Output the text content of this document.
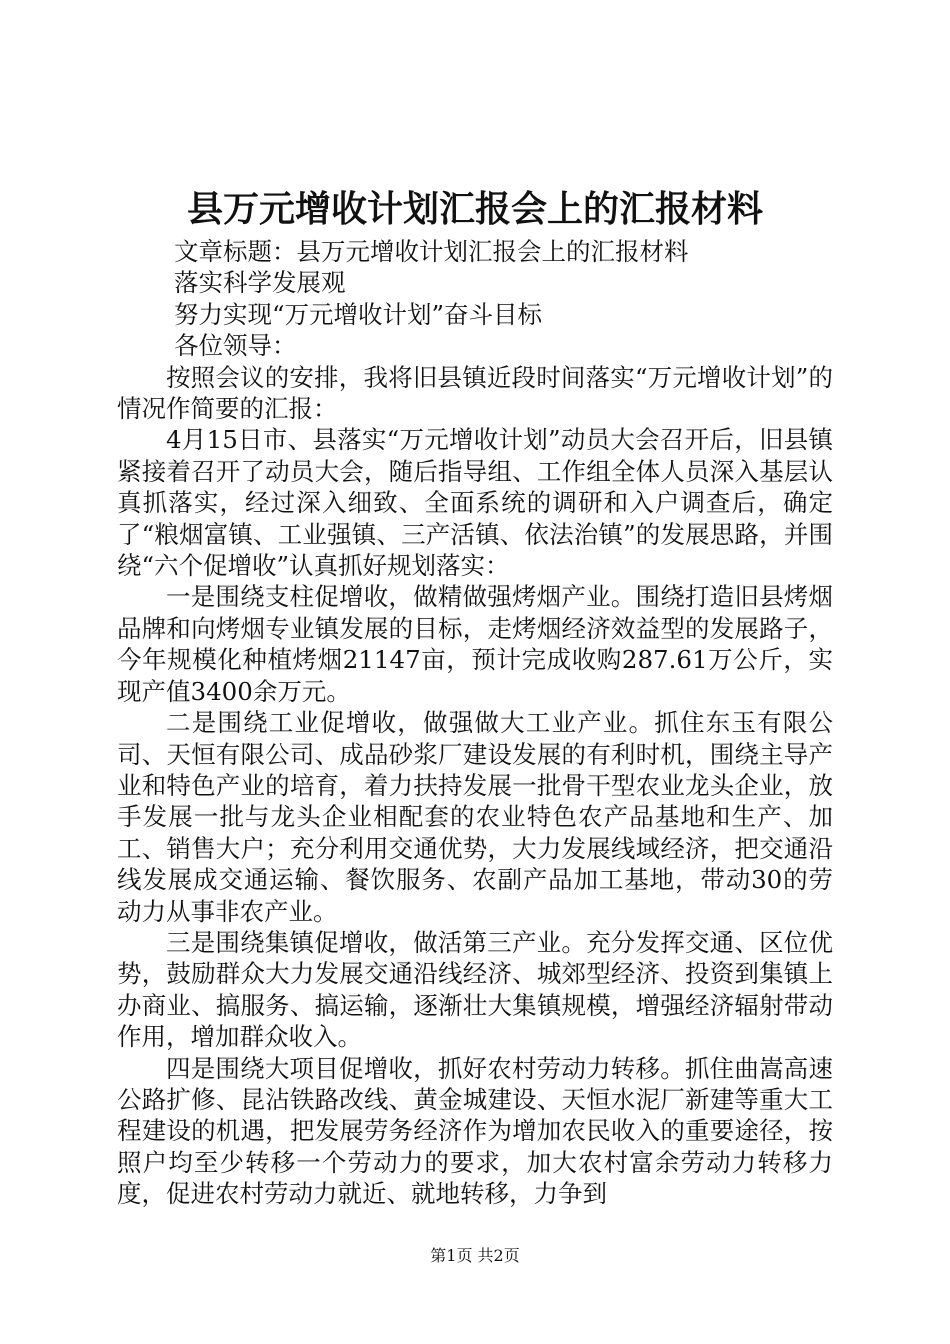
县万元增收计划汇报会上的汇报材料

文章标题：县万元增收计划汇报会上的汇报材料

落实科学发展观

努力实现“万元增收计划”奋斗目标

各位领导：

按照会议的安排，我将旧县镇近段时间落实“万元增收计划”的情况作简要的汇报：

4月15日市、县落实“万元增收计划”动员大会召开后，旧县镇紧接着召开了动员大会，随后指导组、工作组全体人员深入基层认真抓落实，经过深入细致、全面系统的调研和入户调查后，确定了“粮烟富镇、工业强镇、三产活镇、依法治镇”的发展思路，并围绕“六个促增收”认真抓好规划落实：

一是围绕支柱促增收，做精做强烤烟产业。围绕打造旧县烤烟品牌和向烤烟专业镇发展的目标，走烤烟经济效益型的发展路子，今年规模化种植烤烟21147亩，预计完成收购287.61万公斤，实现产值3400余万元。

二是围绕工业促增收，做强做大工业产业。抓住东玉有限公司、天恒有限公司、成品砂浆厂建设发展的有利时机，围绕主导产业和特色产业的培育，着力扶持发展一批骨干型农业龙头企业，放手发展一批与龙头企业相配套的农业特色农产品基地和生产、加工、销售大户；充分利用交通优势，大力发展线域经济，把交通沿线发展成交通运输、餐饮服务、农副产品加工基地，带动30的劳动力从事非农产业。

三是围绕集镇促增收，做活第三产业。充分发挥交通、区位优势，鼓励群众大力发展交通沿线经济、城郊型经济、投资到集镇上办商业、搞服务、搞运输，逐渐壮大集镇规模，增强经济辐射带动作用，增加群众收入。

四是围绕大项目促增收，抓好农村劳动力转移。抓住曲嵩高速公路扩修、昆沾铁路改线、黄金城建设、天恒水泥厂新建等重大工程建设的机遇，把发展劳务经济作为增加农民收入的重要途径，按照户均至少转移一个劳动力的要求，加大农村富余劳动力转移力度，促进农村劳动力就近、就地转移，力争到

第1页 共2页
